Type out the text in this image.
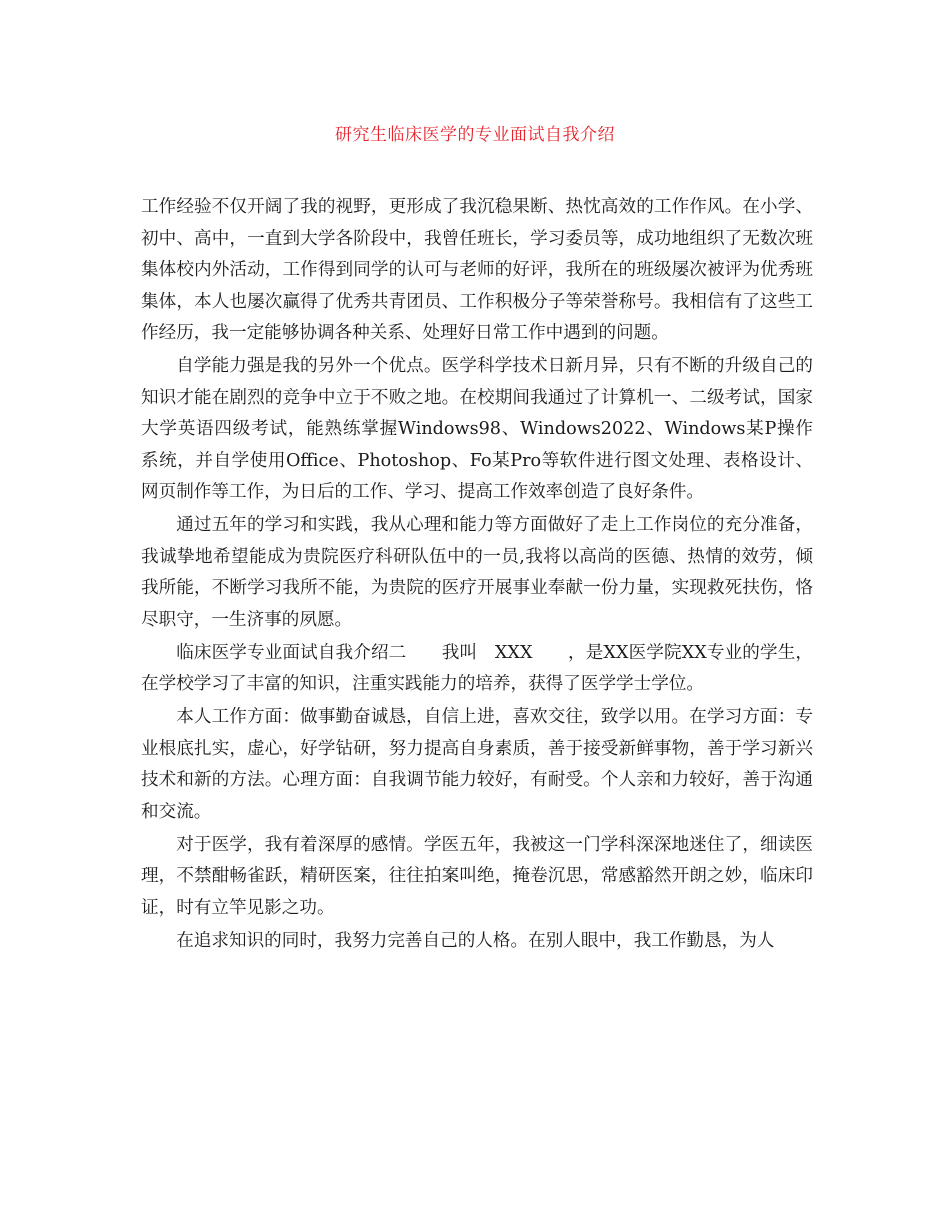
研究生临床医学的专业面试自我介绍

工作经验不仅开阔了我的视野，更形成了我沉稳果断、热忱高效的工作作风。在小学、初中、高中，一直到大学各阶段中，我曾任班长，学习委员等，成功地组织了无数次班集体校内外活动，工作得到同学的认可与老师的好评，我所在的班级屡次被评为优秀班集体，本人也屡次赢得了优秀共青团员、工作积极分子等荣誉称号。我相信有了这些工作经历，我一定能够协调各种关系、处理好日常工作中遇到的问题。

自学能力强是我的另外一个优点。医学科学技术日新月异，只有不断的升级自己的知识才能在剧烈的竞争中立于不败之地。在校期间我通过了计算机一、二级考试，国家大学英语四级考试，能熟练掌握Windows98、Windows2022、Windows某P操作系统，并自学使用Office、Photoshop、Fo某Pro等软件进行图文处理、表格设计、网页制作等工作，为日后的工作、学习、提高工作效率创造了良好条件。

通过五年的学习和实践，我从心理和能力等方面做好了走上工作岗位的充分准备，我诚挚地希望能成为贵院医疗科研队伍中的一员,我将以高尚的医德、热情的效劳，倾我所能，不断学习我所不能，为贵院的医疗开展事业奉献一份力量，实现救死扶伤，恪尽职守，一生济事的夙愿。

临床医学专业面试自我介绍二　　我叫　XXX　　，是XX医学院XX专业的学生，在学校学习了丰富的知识，注重实践能力的培养，获得了医学学士学位。

本人工作方面：做事勤奋诚恳，自信上进，喜欢交往，致学以用。在学习方面：专业根底扎实，虚心，好学钻研，努力提高自身素质，善于接受新鲜事物，善于学习新兴技术和新的方法。心理方面：自我调节能力较好，有耐受。个人亲和力较好，善于沟通和交流。

对于医学，我有着深厚的感情。学医五年，我被这一门学科深深地迷住了，细读医理，不禁酣畅雀跃，精研医案，往往拍案叫绝，掩卷沉思，常感豁然开朗之妙，临床印证，时有立竿见影之功。

在追求知识的同时，我努力完善自己的人格。在别人眼中，我工作勤恳，为人
